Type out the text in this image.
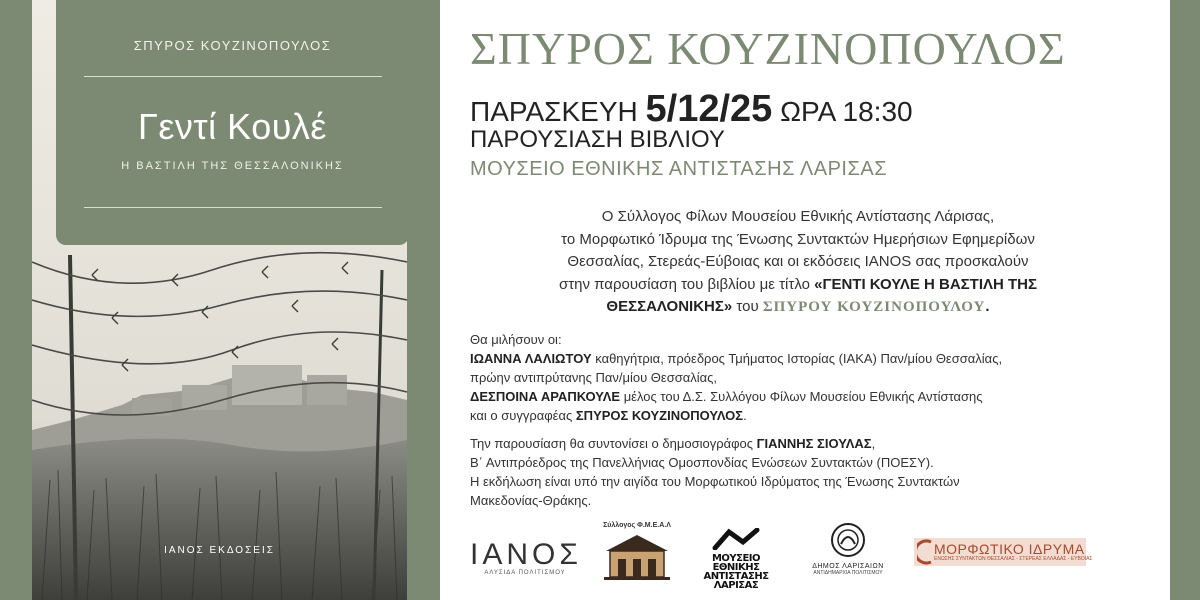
ΣΠΥΡΟΣ ΚΟΥΖΙΝΟΠΟΥΛΟΣ
Γεντί Κουλέ
Η ΒΑΣΤΙΛΗ ΤΗΣ ΘΕΣΣΑΛΟΝΙΚΗΣ
ΙΑΝΟΣ ΕΚΔΟΣΕΙΣ
ΣΠΥΡΟΣ ΚΟΥΖΙΝΟΠΟΥΛΟΣ
ΠΑΡΑΣΚΕΥΗ 5/12/25 ΩΡΑ 18:30
ΠΑΡΟΥΣΙΑΣΗ ΒΙΒΛΙΟΥ
ΜΟΥΣΕΙΟ ΕΘΝΙΚΗΣ ΑΝΤΙΣΤΑΣΗΣ ΛΑΡΙΣΑΣ
Ο Σύλλογος Φίλων Μουσείου Εθνικής Αντίστασης Λάρισας,
το Μορφωτικό Ίδρυμα της Ένωσης Συντακτών Ημερήσιων Εφημερίδων
Θεσσαλίας, Στερεάς-Εύβοιας και οι εκδόσεις ΙΑΝΟS σας προσκαλούν
στην παρουσίαση του βιβλίου με τίτλο «ΓΕΝΤΙ ΚΟΥΛΕ Η ΒΑΣΤΙΛΗ ΤΗΣ
ΘΕΣΣΑΛΟΝΙΚΗΣ» του ΣΠΥΡΟΥ ΚΟΥΖΙΝΟΠΟΥΛΟΥ.
Θα μιλήσουν οι:
ΙΩΑΝΝΑ ΛΑΛΙΩΤΟΥ καθηγήτρια, πρόεδρος Τμήματος Ιστορίας (ΙΑΚΑ) Παν/μίου Θεσσαλίας,
πρώην αντιπρύτανης Παν/μίου Θεσσαλίας,
ΔΕΣΠΟΙΝΑ ΑΡΑΠΚΟΥΛΕ μέλος του Δ.Σ. Συλλόγου Φίλων Μουσείου Εθνικής Αντίστασης
και ο συγγραφέας ΣΠΥΡΟΣ ΚΟΥΖΙΝΟΠΟΥΛΟΣ.
Την παρουσίαση θα συντονίσει ο δημοσιογράφος ΓΙΑΝΝΗΣ ΣΙΟΥΛΑΣ,
Β΄ Αντιπρόεδρος της Πανελλήνιας Ομοσπονδίας Ενώσεων Συντακτών (ΠΟΕΣΥ).
Η εκδήλωση είναι υπό την αιγίδα του Μορφωτικού Ιδρύματος της Ένωσης Συντακτών
Μακεδονίας-Θράκης.
ΙΑΝΟΣ
ΑΛΥΣΙΔΑ ΠΟΛΙΤΙΣΜΟΥ
Σύλλογος Φ.Μ.Ε.Α.Λ
ΜΟΥΣΕΙΟ
ΕΘΝΙΚΗΣ
ΑΝΤΙΣΤΑΣΗΣ
ΛΑΡΙΣΑΣ
ΔΗΜΟΣ ΛΑΡΙΣΑΙΩΝ
ΑΝΤΙΔΗΜΑΡΧΙΑ ΠΟΛΙΤΙΣΜΟΥ
ΜΟΡΦΩΤΙΚΟ ΙΔΡΥΜΑ
ΕΝΩΣΗΣ ΣΥΝΤΑΚΤΩΝ ΘΕΣΣΑΛΙΑΣ - ΣΤΕΡΕΑΣ ΕΛΛΑΔΑΣ - ΕΥΒΟΙΑΣ
